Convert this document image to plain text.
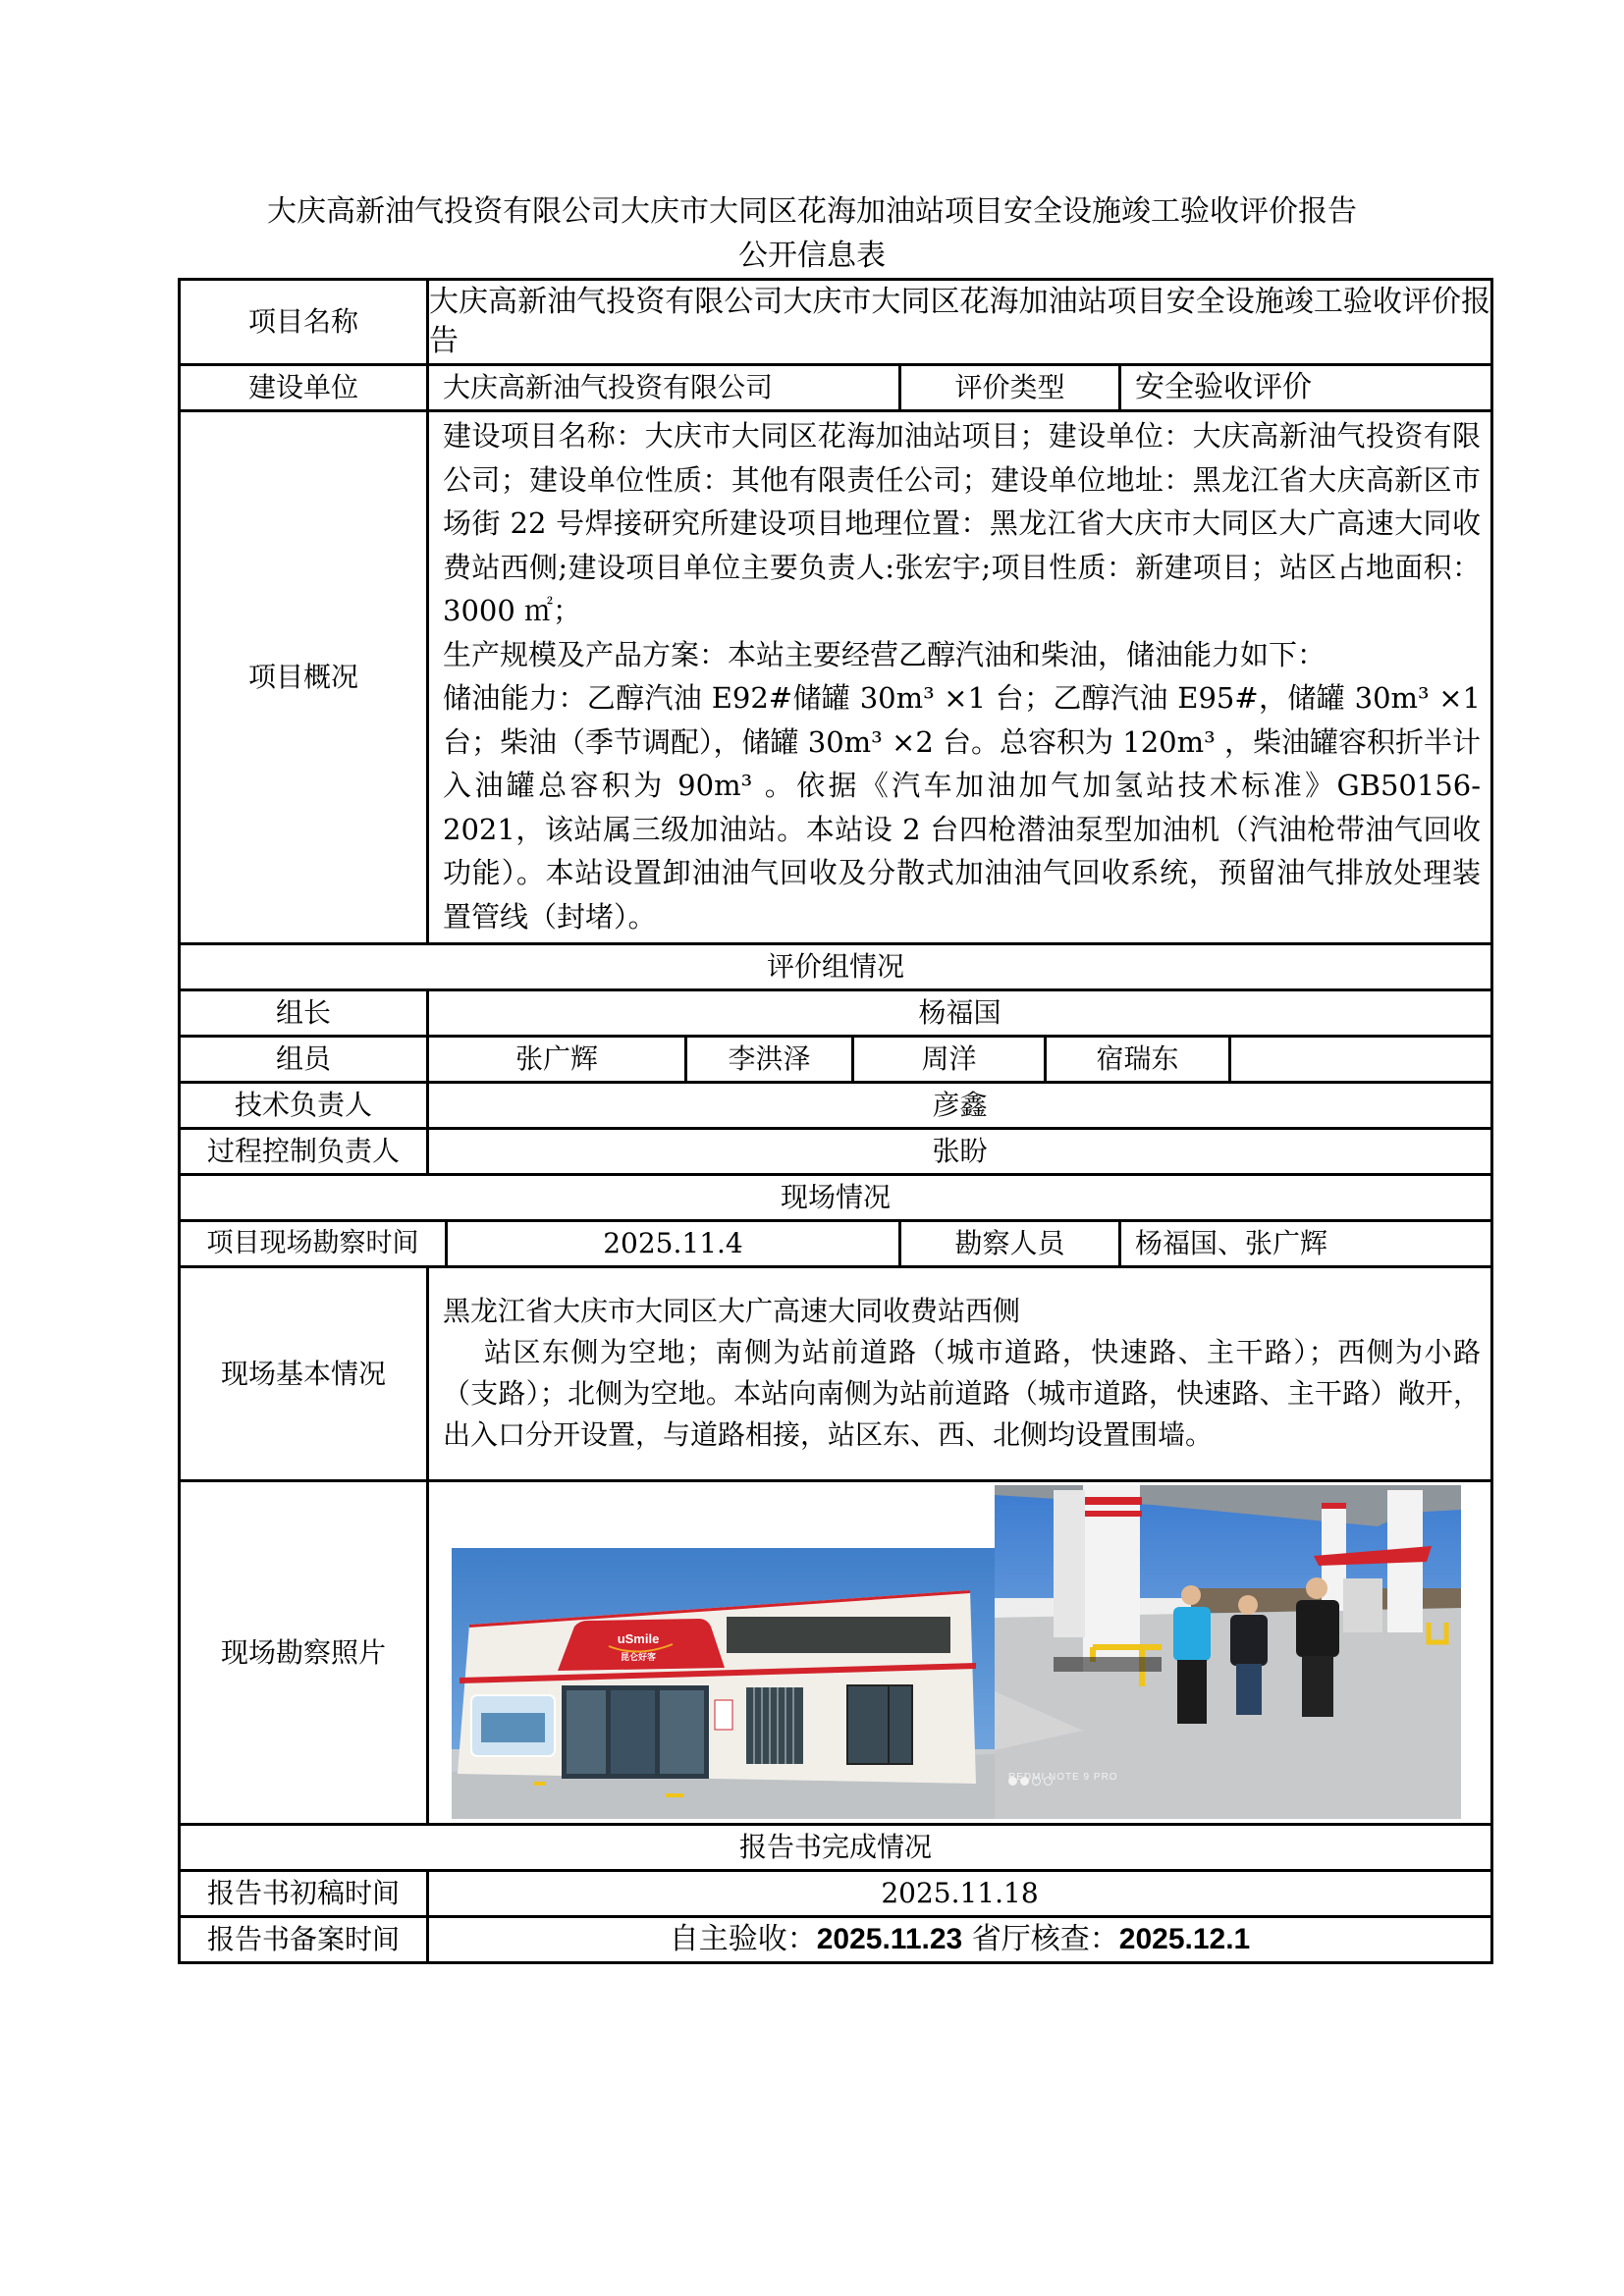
大庆高新油气投资有限公司大庆市大同区花海加油站项目安全设施竣工验收评价报告
公开信息表
项目名称	大庆高新油气投资有限公司大庆市大同区花海加油站项目安全设施竣工验收评价报告							
建设单位	大庆高新油气投资有限公司				评价类型		安全验收评价	
项目概况	建设项目名称：大庆市大同区花海加油站项目；建设单位：大庆高新油气投资有限公司；建设单位性质：其他有限责任公司；建设单位地址：黑龙江省大庆高新区市场街 22 号焊接研究所建设项目地理位置：黑龙江省大庆市大同区大广高速大同收费站西侧;建设项目单位主要负责人:张宏宇;项目性质：新建项目；站区占地面积：3000 ㎡；

生产规模及产品方案：本站主要经营乙醇汽油和柴油，储油能力如下：

储油能力：乙醇汽油 E92#储罐 30m³ ×1 台；乙醇汽油 E95#，储罐 30m³ ×1 台；柴油（季节调配），储罐 30m³ ×2 台。总容积为 120m³ ，柴油罐容积折半计入油罐总容积为 90m³ 。依据《汽车加油加气加氢站技术标准》GB50156-2021，该站属三级加油站。本站设 2 台四枪潜油泵型加油机（汽油枪带油气回收功能）。本站设置卸油油气回收及分散式加油油气回收系统，预留油气排放处理装置管线（封堵）。							

评价组情况								
组长	杨福国							
组员	张广辉		李洪泽	周洋		宿瑞东		
技术负责人	彦鑫							
过程控制负责人	张盼							
现场情况								
项目现场勘察时间		2025.11.4			勘察人员		杨福国、张广辉	
现场基本情况	黑龙江省大庆市大同区大广高速大同收费站西侧

站区东侧为空地；南侧为站前道路（城市道路，快速路、主干路）；西侧为小路（支路）；北侧为空地。本站向南侧为站前道路（城市道路，快速路、主干路）敞开，出入口分开设置，与道路相接，站区东、西、北侧均设置围墙。							

现场勘察照片	uSmile
昆仑好客
REDMI NOTE 9 PRO							

报告书完成情况								
报告书初稿时间	2025.11.18							
报告书备案时间	自主验收：2025.11.23 省厅核查：2025.12.1							
